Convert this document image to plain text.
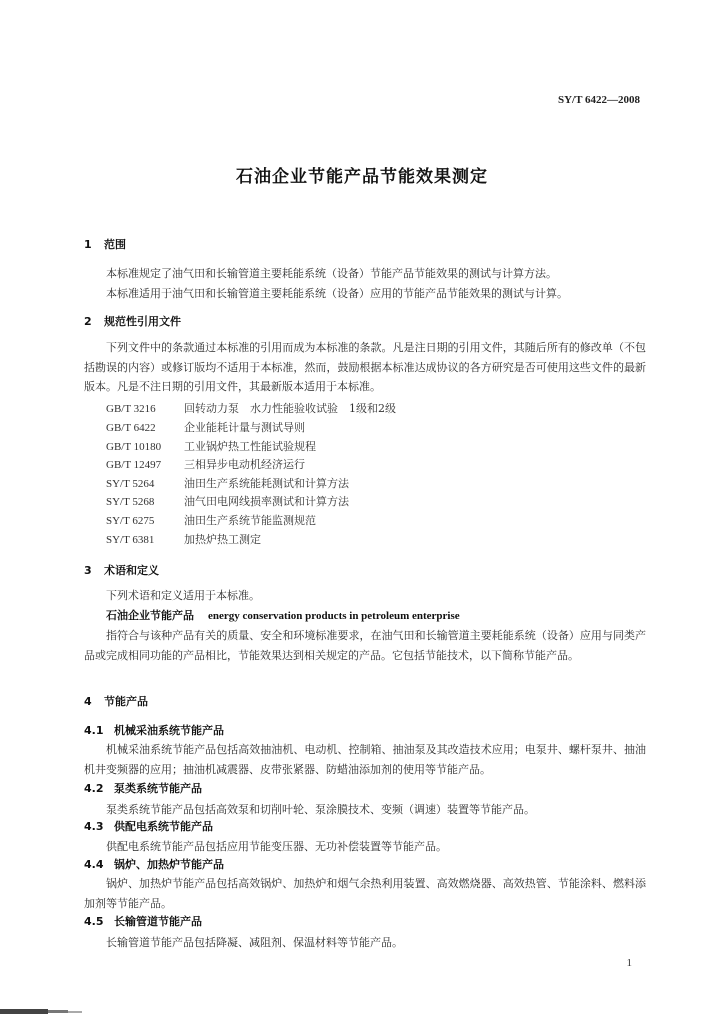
SY/T 6422—2008
石油企业节能产品节能效果测定
1 范围
本标准规定了油气田和长输管道主要耗能系统（设备）节能产品节能效果的测试与计算方法。
本标准适用于油气田和长输管道主要耗能系统（设备）应用的节能产品节能效果的测试与计算。
2 规范性引用文件
下列文件中的条款通过本标准的引用而成为本标准的条款。凡是注日期的引用文件，其随后所有的修改单（不包括勘误的内容）或修订版均不适用于本标准，然而，鼓励根据本标准达成协议的各方研究是否可使用这些文件的最新版本。凡是不注日期的引用文件，其最新版本适用于本标准。
GB/T 3216	回转动力泵　水力性能验收试验　1级和2级
GB/T 6422	企业能耗计量与测试导则
GB/T 10180 工业锅炉热工性能试验规程
GB/T 12497 三相异步电动机经济运行
SY/T 5264	油田生产系统能耗测试和计算方法
SY/T 5268	油气田电网线损率测试和计算方法
SY/T 6275	油田生产系统节能监测规范
SY/T 6381	加热炉热工测定
3 术语和定义
下列术语和定义适用于本标准。
石油企业节能产品 energy conservation products in petroleum enterprise
指符合与该种产品有关的质量、安全和环境标准要求，在油气田和长输管道主要耗能系统（设备）应用与同类产品或完成相同功能的产品相比，节能效果达到相关规定的产品。它包括节能技术，以下简称节能产品。
4 节能产品
4.1 机械采油系统节能产品
机械采油系统节能产品包括高效抽油机、电动机、控制箱、抽油泵及其改造技术应用；电泵井、螺杆泵井、抽油机井变频器的应用；抽油机减震器、皮带张紧器、防蜡油添加剂的使用等节能产品。
4.2 泵类系统节能产品
泵类系统节能产品包括高效泵和切削叶轮、泵涂膜技术、变频（调速）装置等节能产品。
4.3 供配电系统节能产品
供配电系统节能产品包括应用节能变压器、无功补偿装置等节能产品。
4.4 锅炉、加热炉节能产品
锅炉、加热炉节能产品包括高效锅炉、加热炉和烟气余热利用装置、高效燃烧器、高效热管、节能涂料、燃料添加剂等节能产品。
4.5 长输管道节能产品
长输管道节能产品包括降凝、减阻剂、保温材料等节能产品。
1
